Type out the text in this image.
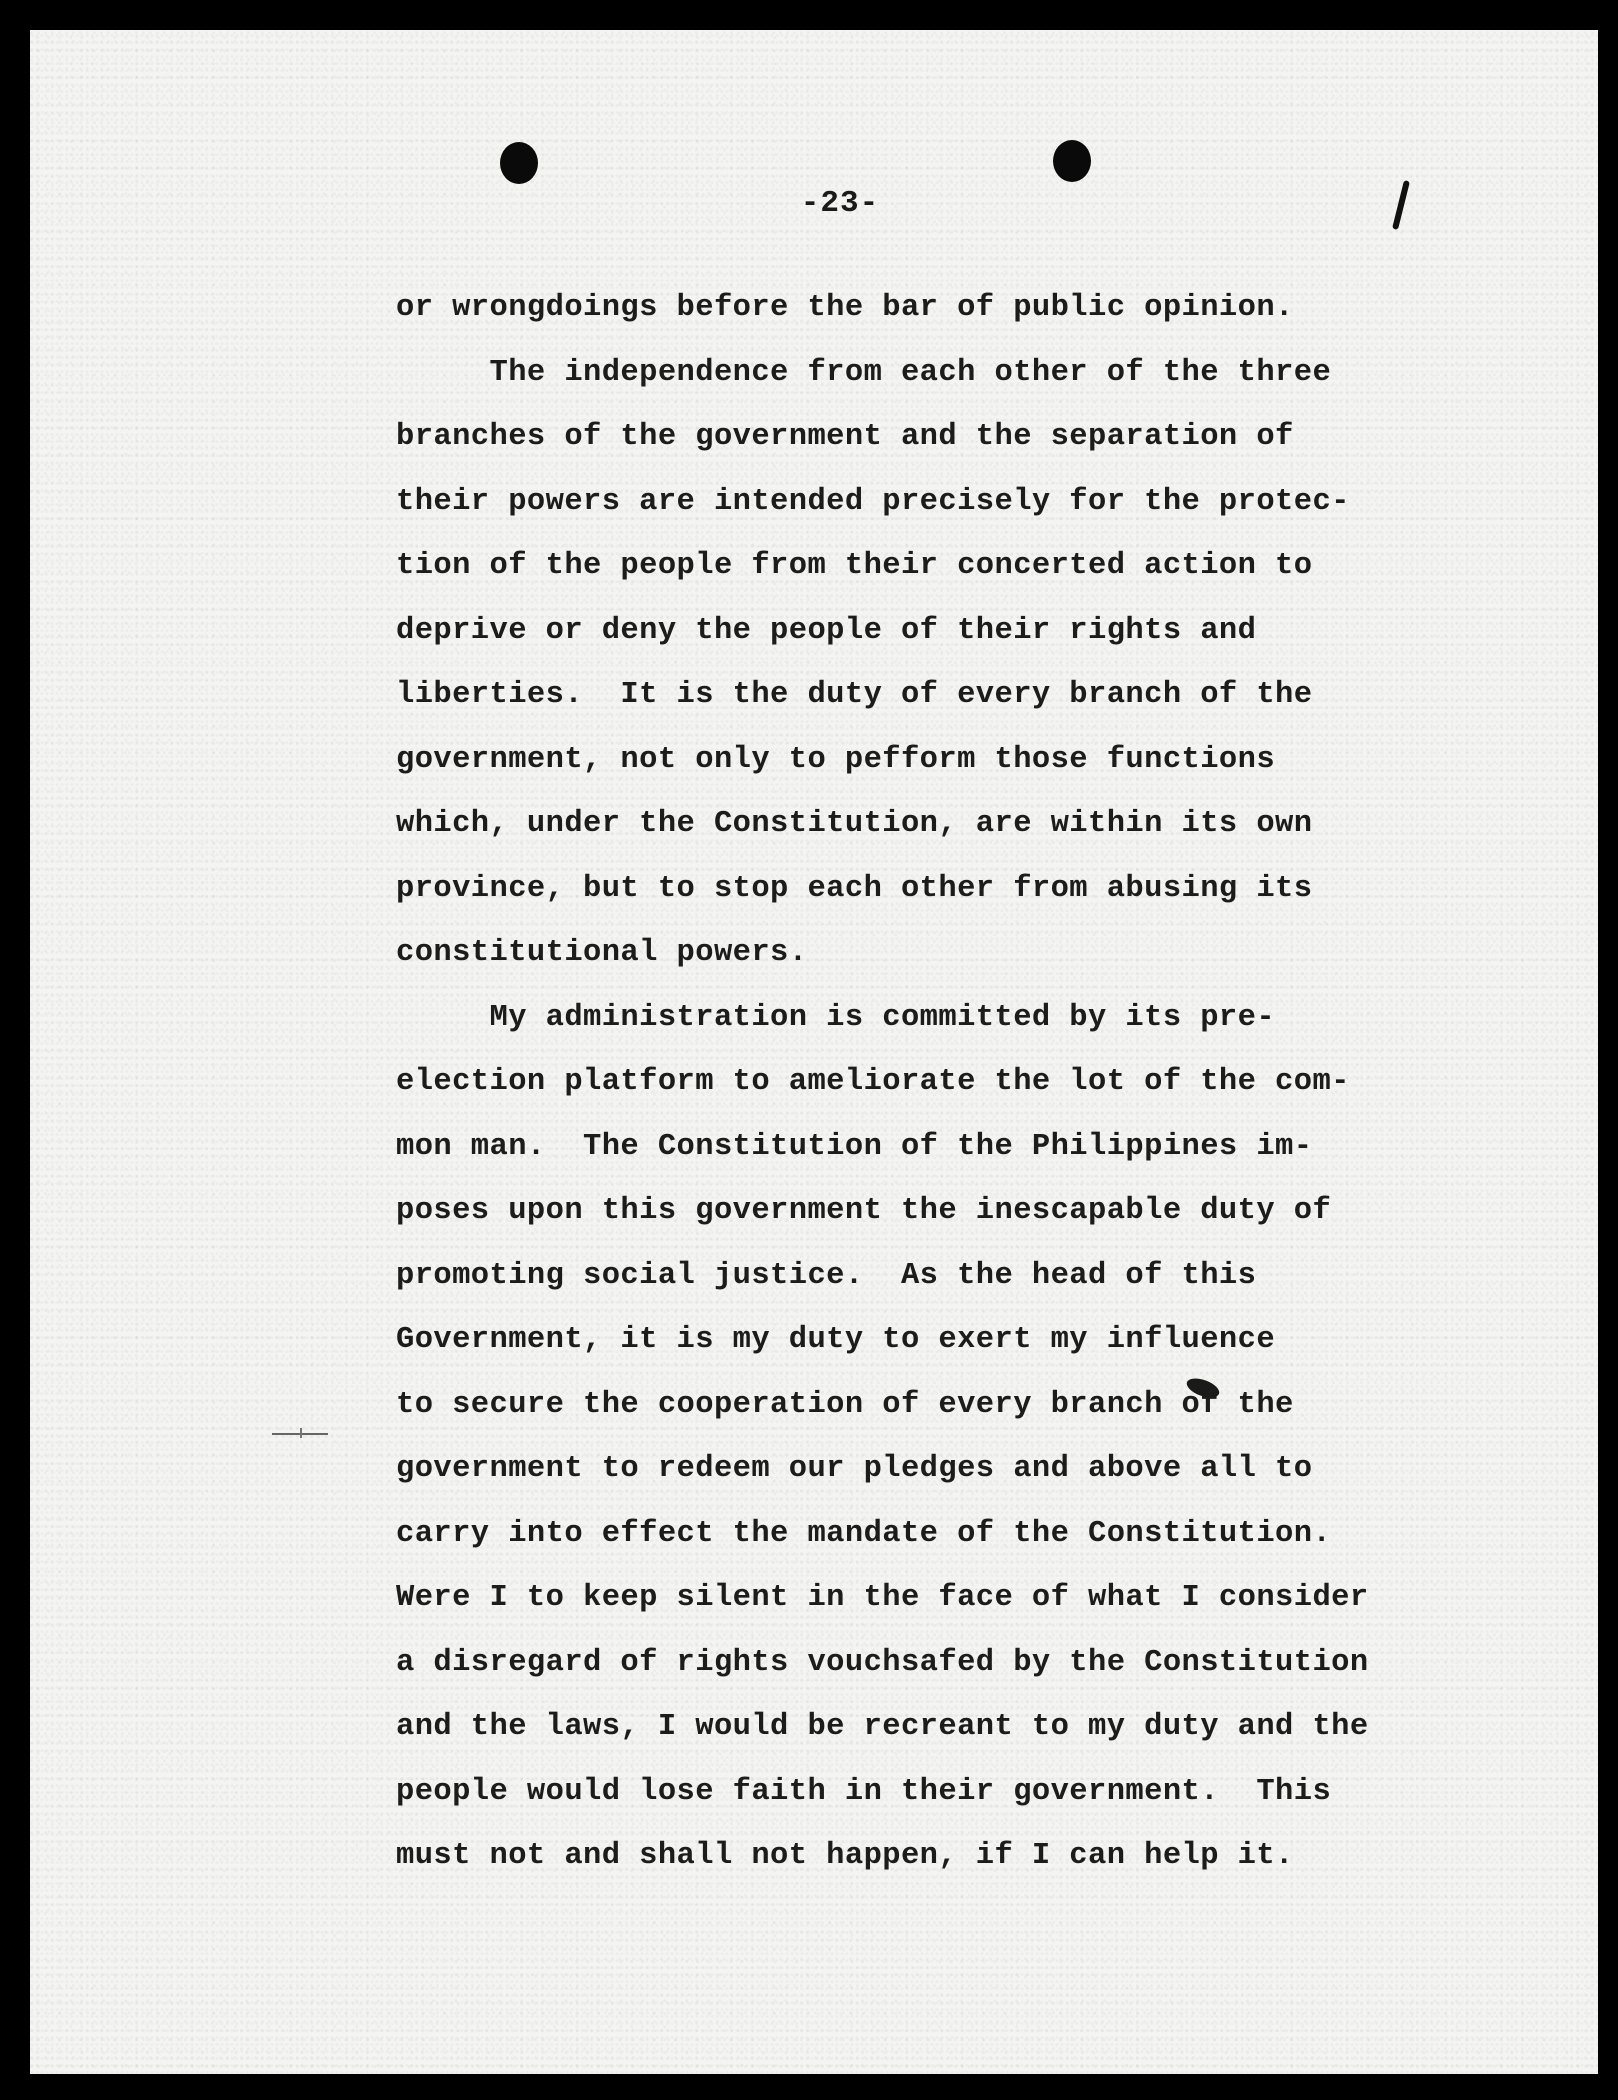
-23-
or wrongdoings before the bar of public opinion.
The independence from each other of the three
branches of the government and the separation of
their powers are intended precisely for the protec-
tion of the people from their concerted action to
deprive or deny the people of their rights and
liberties.  It is the duty of every branch of the
government, not only to pefform those functions
which, under the Constitution, are within its own
province, but to stop each other from abusing its
constitutional powers.
My administration is committed by its pre-
election platform to ameliorate the lot of the com-
mon man.  The Constitution of the Philippines im-
poses upon this government the inescapable duty of
promoting social justice.  As the head of this
Government, it is my duty to exert my influence
to secure the cooperation of every branch of the
government to redeem our pledges and above all to
carry into effect the mandate of the Constitution.
Were I to keep silent in the face of what I consider
a disregard of rights vouchsafed by the Constitution
and the laws, I would be recreant to my duty and the
people would lose faith in their government.  This
must not and shall not happen, if I can help it.
